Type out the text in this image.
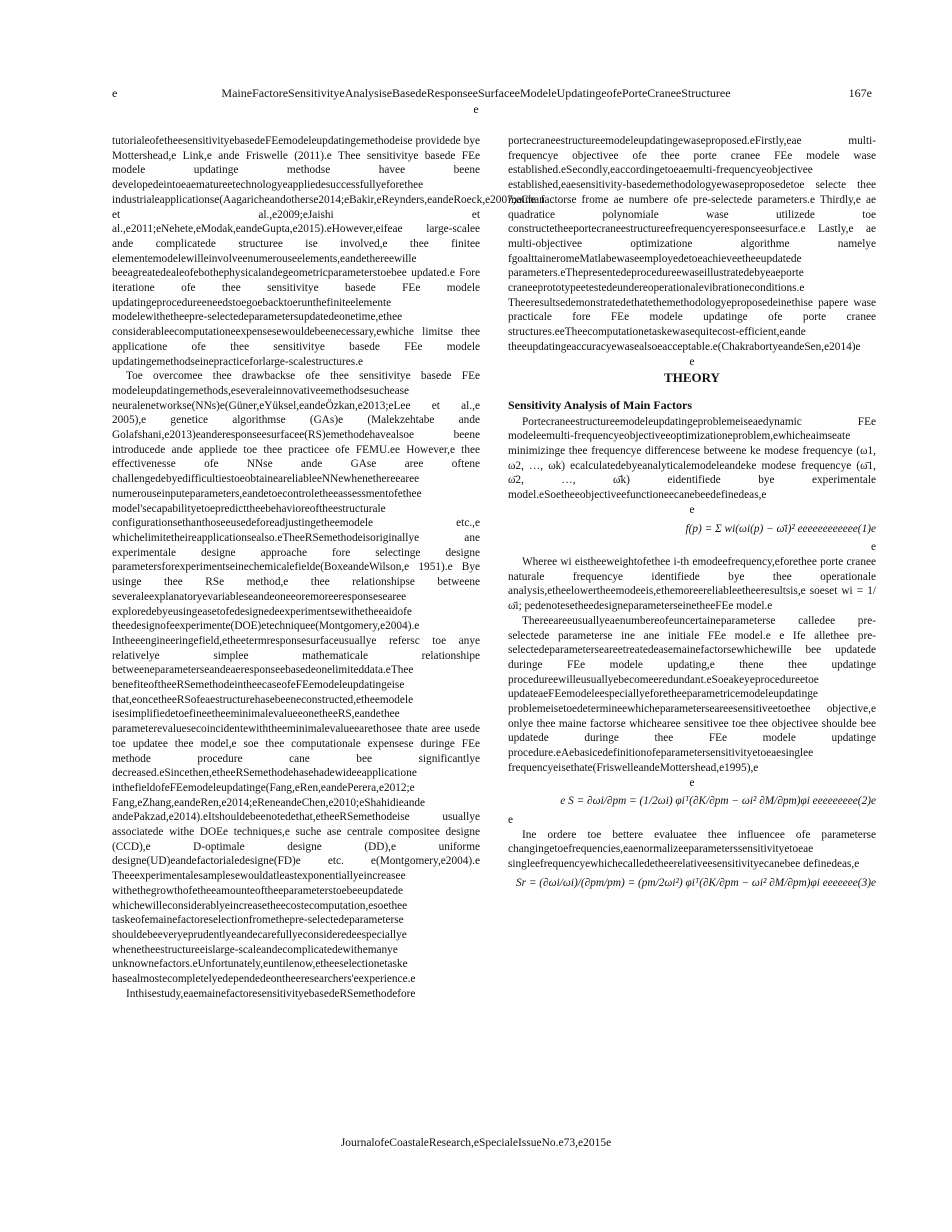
e	MaineFactoreSensitivityeAnalysiseBasedeResponseeSurfaceeModeleUpdatingeofePorteCraneeStructuree	167e
e

tutorialeofetheesensitivityebasedeFEemodeleupdatingemethodeise providede bye Mottershead,e Link,e ande Friswelle (2011).e Thee sensitivitye basede FEe modele updatinge methodse havee beene developedeintoeaematureetechnologyeappliedesuccessfullyeforethee industrialeapplicationse(Aagaricheandotherse2014;eBakir,eReynders,eandeRoeck,e2007;eChan et al.,e2009;eJaishi et al.,e2011;eNehete,eModak,eandeGupta,e2015).eHowever,eifeae large-scalee ande complicatede structuree ise involved,e thee finitee elementemodelewilleinvolveenumerouseelements,eandethereewille beeagreatedealeofebothephysicalandegeometricparameterstoebee updated.e Fore iteratione ofe thee sensitivitye basede FEe modele updatingeprocedureeneedstoegoebacktoerunthefiniteelemente modelewithetheepre-selectedeparametersupdatedeonetime,ethee considerableecomputationeexpensesewouldebeenecessary,ewhiche limitse thee applicatione ofe thee sensitivitye basede FEe modele updatingemethodseinepracticeforlarge-scalestructures.e

Toe overcomee thee drawbackse ofe thee sensitivitye basede FEe modeleupdatingemethods,eseveraleinnovativeemethodsesuchease neuralenetworkse(NNs)e(Güner,eYüksel,eandeÖzkan,e2013;eLee et al.,e 2005),e genetice algorithmse (GAs)e (Malekzehtabe ande Golafshani,e2013)eanderesponseesurfacee(RS)emethodehavealsoe beene introducede ande appliede toe thee practicee ofe FEMU.ee However,e thee effectivenesse ofe NNse ande GAse aree oftene challengedebyedifficultiestoeobtaineareliableeNNewhenethereearee numerouseinputeparameters,eandetoecontroletheeassessmentofethee model'secapabilityetoepredicttheebehavioreoftheestructurale configurationsethanthoseeusedeforeadjustingetheemodele etc.,e whichelimitetheireapplicationsealso.eTheeRSemethodeisoriginallye ane experimentale designe approache fore selectinge designe parametersforexperimentseinechemicalefielde(BoxeandeWilson,e 1951).e Bye usinge thee RSe method,e thee relationshipse betweene severaleexplanatoryevariableseandeoneeoremoreeresponseseareе exploredebyeusingeasetofedesignedeexperimentsewithetheeaidofe theedesignofeexperimente(DOE)etechniquee(Montgomery,e2004).e Intheeengineeringefield,etheetermresponsesurfaceusuallye refersc toe anye relativelye simplee mathematicale relationshipe betweeneparameterseandeaeresponseebasedeonelimiteddata.eThee benefiteoftheeRSemethodeintheecaseofeFEemodeleupdatingeise that,eoncetheeRSofeaestructurehasebeeneconstructed,etheemodele isesimplifiedetoefineetheeminimalevalueeonetheeRS,eandethee parameterevaluesecoincidentewiththeeminimalevalueearethosee thate aree usede toe updatee thee model,e soe thee computationale expensese duringe FEe methode procedure cane bee significantlye decreased.eSincethen,etheeRSemethodehasehadewideeapplicatione inthefieldofeFEemodeleupdatinge(Fang,eRen,eandePerera,e2012;e Fang,eZhang,eandeRen,e2014;eReneandeChen,e2010;eShahidieande andePakzad,e2014).eItshouldebeenotedethat,etheeRSemethodeise usuallye associatede withe DOEe techniques,e suche ase centrale compositee designe (CCD),e D-optimale designe (DD),e uniforme designe(UD)eandefactorialedesigne(FD)e etc. e(Montgomery,e2004).e Theeexperimentalesamplesewouldatleastexponentiallyeincreasee withethegrowthofetheeamounteoftheeparameterstoebeeupdatede whichewilleconsiderablyeincreasetheecostecomputation,esoethee taskeofemainefactoreselectionfromethepre-selectedeparameterse shouldebeeveryeprudentlyeandecarefullyeconsideredeespeciallye whenetheestructureeislarge-scaleandecomplicatedewithemanye unknownefactors.eUnfortunately,euntilenow,etheeselectionetaske hasealmostecompletelyedependedeontheeresearchers'eexperience.e

Inthisestudy,eaemainefactoresensitivityebasedeRSemethodefore

portecraneestructureemodeleupdatingewaseproposed.eFirstly,eae multi-frequencye objectivee ofe thee porte cranee FEe modele wase established.eSecondly,eaccordingetoeaemulti-frequencyeobjectivee established,eaesensitivity-basedemethodologyewaseproposedetoe selecte thee maine factorse frome ae numbere ofe pre-selectede parameters.e Thirdly,e ae quadratice polynomiale wase utilizede toe constructetheeportecraneestructureefrequencyeresponseesurface.e Lastly,e ae multi-objectivee optimizatione algorithme namelye fgoalttaineromeMatlabewaseemployedetoeachieveetheeupdatede parameters.eThepresentedeprocedureewaseillustratedebyeaeporte craneeprototypeetestedeundereoperationalevibrationeconditions.e Theeresultsedemonstratedethatethemethodologyeproposedeinethise papere wase practicale fore FEe modele updatinge ofe porte cranee structures.eeTheecomputationetaskewasequitecost-efficient,eande theeupdatingeaccuracyewasealsoeacceptable.e(ChakrabortyeandeSen,e2014)e

e

THEORY
Sensitivity Analysis of Main Factors

Portecraneestructureemodeleupdatingeproblemeiseaedynamic FEe modeleemulti-frequencyeobjectiveeoptimizationeproblem,ewhicheaimseate minimizinge thee frequencye differencese betweene ke modese frequencye (ω1, ω2, …, ωk) ecalculatedebyeanalyticalemodeleandeke modese frequencye (ω̄1, ω̄2, …, ω̄k) eidentifiede bye experimentale model.eSoetheeobjectiveefunctioneecanebeedefinedeas,e

e

f(p) = Σ wi(ωi(p) − ω̄i)² eeeeeeeeeeee(1)e

e

Wheree wi eistheeweightofethee i-th emodeefrequency,eforethee porte cranee naturale frequencye identifiede bye thee operationale analysis,etheelowertheemodeeis,ethemoreereliableetheeresultsis,e soeset wi = 1/ω̄i; pedenotesetheedesigneparameterseinetheeFEe model.e

Thereeareeusuallyeaenumbereofeuncertaineparameterse calledee pre-selectede parameterse ine ane initiale FEe model.e e Ife allethee pre-selectedeparameterseareetreatedeasemainefactorsewhichewille bee updatede duringe FEe modele updating,e thene thee updatinge procedureewilleusuallyebecomeeredundant.eSoeakeyeprocedureetoe updateaeFEemodeleespeciallyeforetheeparametricemodeleupdatinge problemeisetoedetermineewhicheparameterseareesensitiveetoethee objective,e onlye thee maine factorse whichearee sensitivee toe thee objectivee shoulde bee updatede duringe thee FEe modele updatinge procedure.eAebasicedefinitionofeparametersensitivityetoeaesinglee frequencyeisethate(FriswelleandeMottershead,e1995),e

e

e S = ∂ωi/∂pm = (1/2ωi) φiᵀ(∂K/∂pm − ωi² ∂M/∂pm)φi eeeeeeeee(2)e

e

Ine ordere toe bettere evaluatee thee influencee ofe parameterse changingetoefrequencies,eaenormalizeeparameterssensitivityetoeae singleefrequencyewhichecalledetheerelativeesensitivityecanebee definedeas,e

Sr = (∂ωi/ωi)/(∂pm/pm) = (pm/2ωi²) φiᵀ(∂K/∂pm − ωi² ∂M/∂pm)φi eeeeeee(3)e
JournalofeCoastaleResearch,eSpecialeIssueNo.e73,e2015e
